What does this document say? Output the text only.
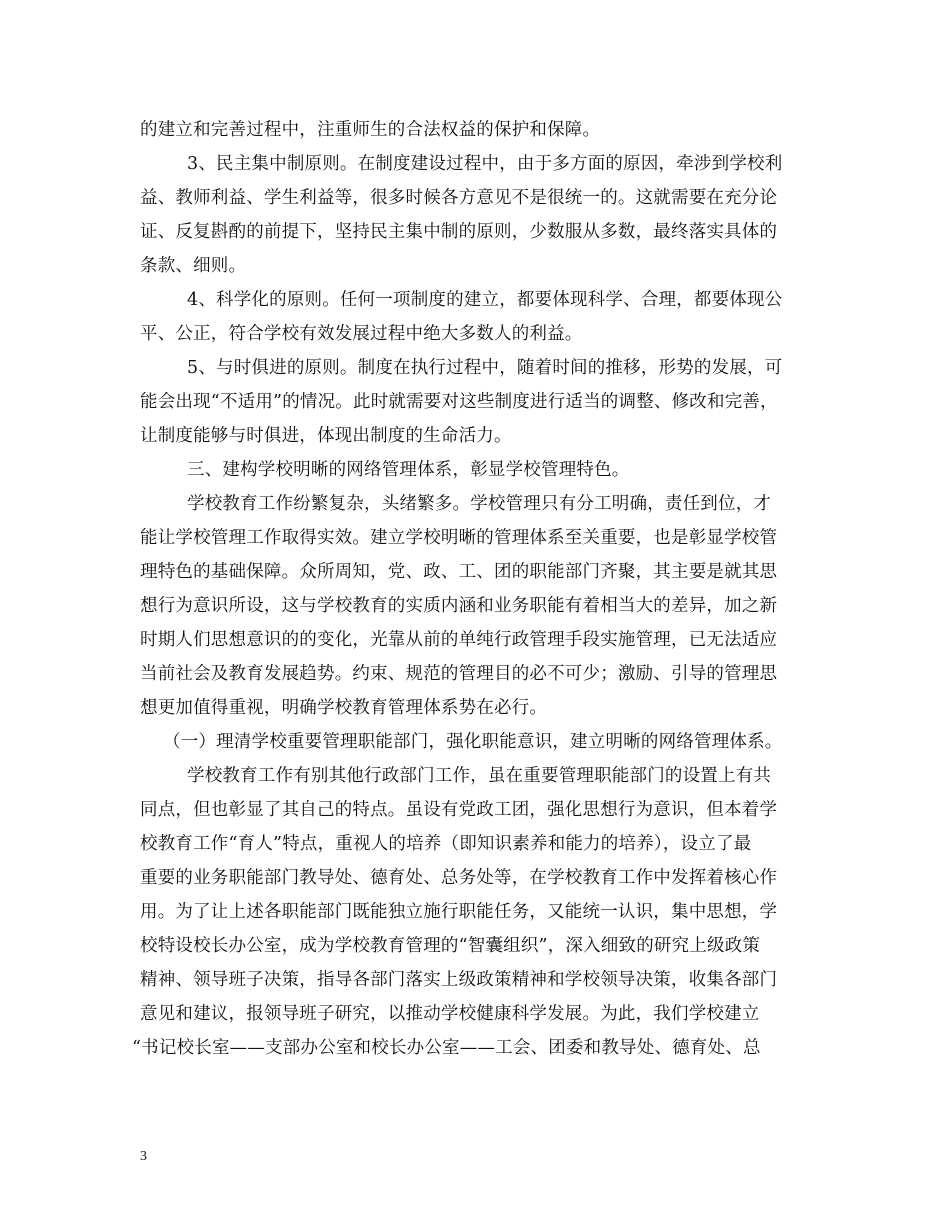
的建立和完善过程中，注重师生的合法权益的保护和保障。
3、民主集中制原则。在制度建设过程中，由于多方面的原因，牵涉到学校利
益、教师利益、学生利益等，很多时候各方意见不是很统一的。这就需要在充分论
证、反复斟酌的前提下，坚持民主集中制的原则，少数服从多数，最终落实具体的
条款、细则。
4、科学化的原则。任何一项制度的建立，都要体现科学、合理，都要体现公
平、公正，符合学校有效发展过程中绝大多数人的利益。
5、与时俱进的原则。制度在执行过程中，随着时间的推移，形势的发展，可
能会出现“不适用”的情况。此时就需要对这些制度进行适当的调整、修改和完善，
让制度能够与时俱进，体现出制度的生命活力。
三、建构学校明晰的网络管理体系，彰显学校管理特色。
学校教育工作纷繁复杂，头绪繁多。学校管理只有分工明确，责任到位，才
能让学校管理工作取得实效。建立学校明晰的管理体系至关重要，也是彰显学校管
理特色的基础保障。众所周知，党、政、工、团的职能部门齐聚，其主要是就其思
想行为意识所设，这与学校教育的实质内涵和业务职能有着相当大的差异，加之新
时期人们思想意识的的变化，光靠从前的单纯行政管理手段实施管理，已无法适应
当前社会及教育发展趋势。约束、规范的管理目的必不可少；激励、引导的管理思
想更加值得重视，明确学校教育管理体系势在必行。
（一）理清学校重要管理职能部门，强化职能意识，建立明晰的网络管理体系。
学校教育工作有别其他行政部门工作，虽在重要管理职能部门的设置上有共
同点，但也彰显了其自己的特点。虽设有党政工团，强化思想行为意识，但本着学
校教育工作“育人”特点，重视人的培养（即知识素养和能力的培养），设立了最
重要的业务职能部门教导处、德育处、总务处等，在学校教育工作中发挥着核心作
用。为了让上述各职能部门既能独立施行职能任务，又能统一认识，集中思想，学
校特设校长办公室，成为学校教育管理的“智囊组织”，深入细致的研究上级政策
精神、领导班子决策，指导各部门落实上级政策精神和学校领导决策，收集各部门
意见和建议，报领导班子研究，以推动学校健康科学发展。为此，我们学校建立
“书记校长室——支部办公室和校长办公室——工会、团委和教导处、德育处、总
3
